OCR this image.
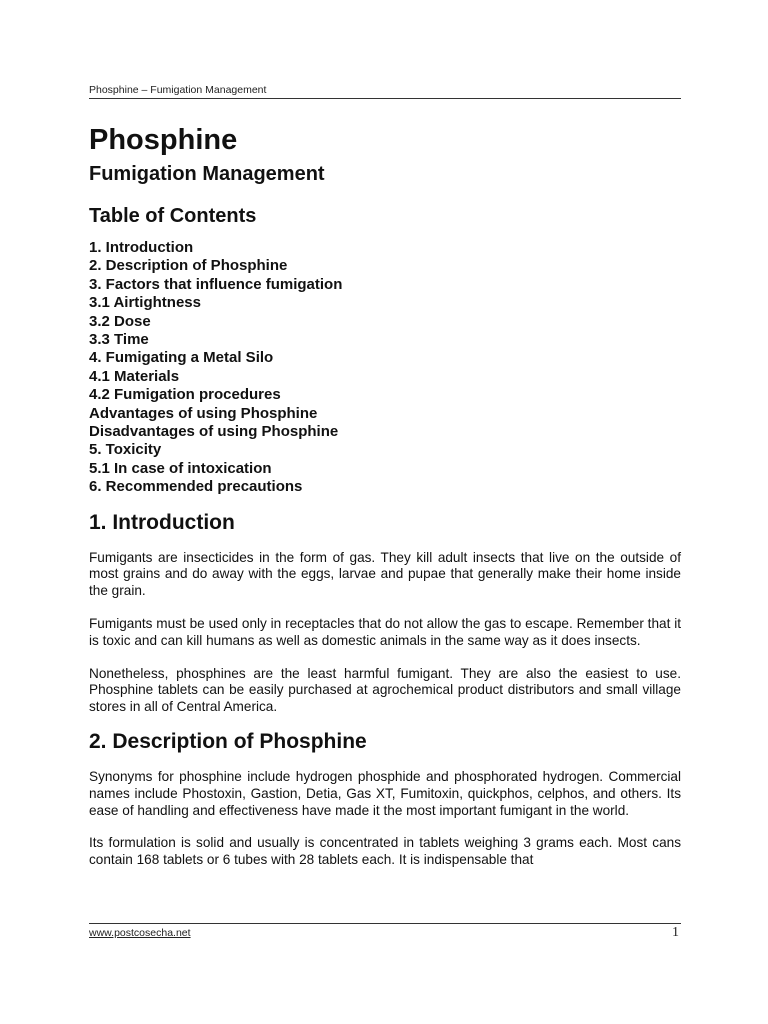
Phosphine – Fumigation Management
Phosphine
Fumigation Management
Table of Contents
1. Introduction
2. Description of Phosphine
3. Factors that influence fumigation
3.1 Airtightness
3.2 Dose
3.3 Time
4. Fumigating a Metal Silo
4.1 Materials
4.2 Fumigation procedures
Advantages of using Phosphine
Disadvantages of using Phosphine
5. Toxicity
5.1 In case of intoxication
6. Recommended precautions
1. Introduction

Fumigants are insecticides in the form of gas. They kill adult insects that live on the outside of most grains and do away with the eggs, larvae and pupae that generally make their home inside the grain.

Fumigants must be used only in receptacles that do not allow the gas to escape. Remember that it is toxic and can kill humans as well as domestic animals in the same way as it does insects.

Nonetheless, phosphines are the least harmful fumigant. They are also the easiest to use. Phosphine tablets can be easily purchased at agrochemical product distributors and small village stores in all of Central America.

2. Description of Phosphine

Synonyms for phosphine include hydrogen phosphide and phosphorated hydrogen. Commercial names include Phostoxin, Gastion, Detia, Gas XT, Fumitoxin, quickphos, celphos, and others. Its ease of handling and effectiveness have made it the most important fumigant in the world.

Its formulation is solid and usually is concentrated in tablets weighing 3 grams each. Most cans contain 168 tablets or 6 tubes with 28 tablets each. It is indispensable that

www.postcosecha.net	1
